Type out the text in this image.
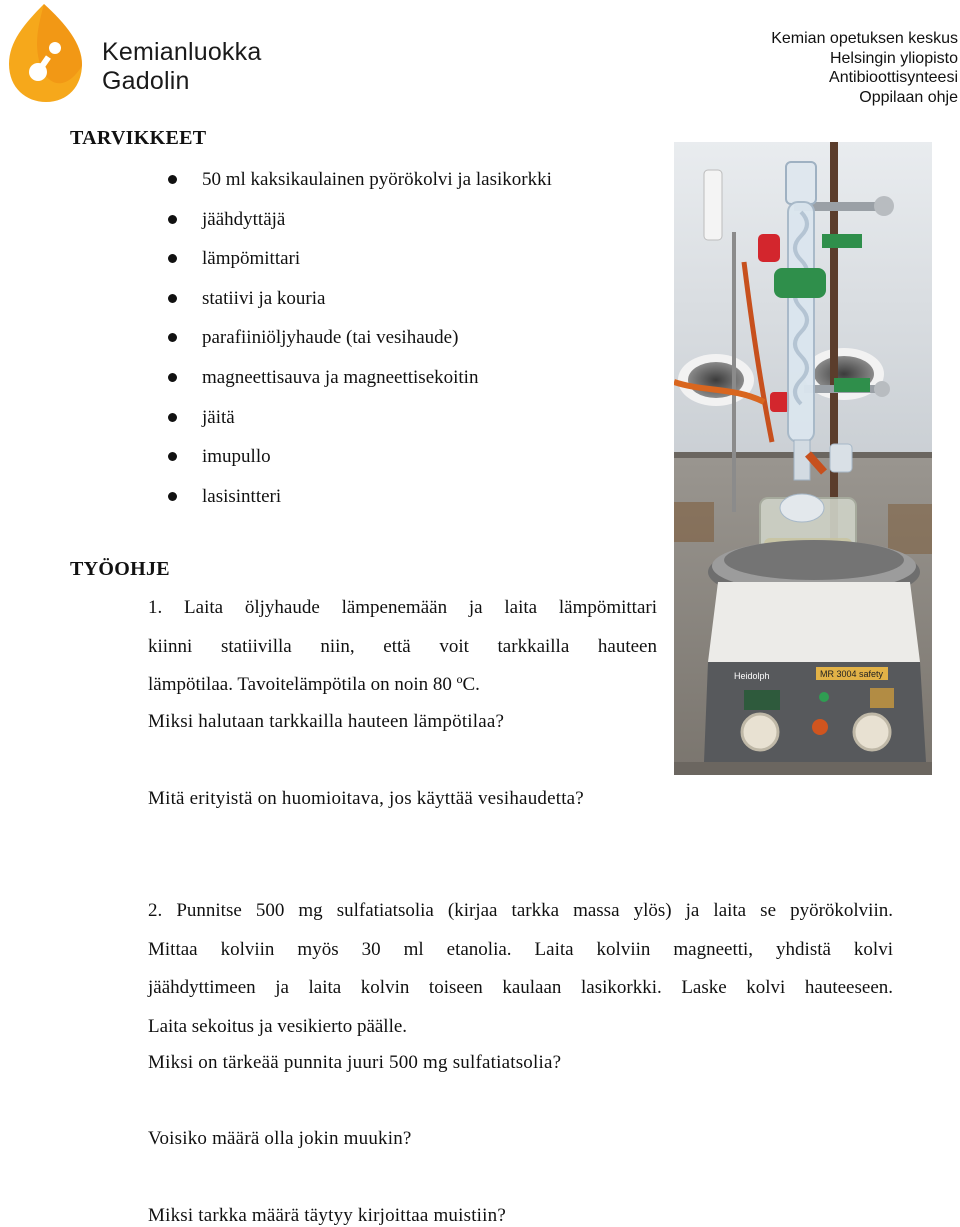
Kemianluokka
Gadolin
Kemian opetuksen keskus
Helsingin yliopisto
Antibioottisynteesi
Oppilaan ohje
TARVIKKEET
50 ml kaksikaulainen pyörökolvi ja lasikorkki
jäähdyttäjä
lämpömittari
statiivi ja kouria
parafiiniöljyhaude (tai vesihaude)
magneettisauva ja magneettisekoitin
jäitä
imupullo
lasisintteri
Heidolph	MR 3004 safety
TYÖOHJE
1. Laita öljyhaude lämpenemään ja laita lämpömittari
kiinni statiivilla niin, että voit tarkkailla hauteen
lämpötilaa. Tavoitelämpötila on noin 80 ºC.
Miksi halutaan tarkkailla hauteen lämpötilaa?
Mitä erityistä on huomioitava, jos käyttää vesihaudetta?
2. Punnitse 500 mg sulfatiatsolia (kirjaa tarkka massa ylös) ja laita se pyörökolviin.
Mittaa kolviin myös 30 ml etanolia. Laita kolviin magneetti, yhdistä kolvi
jäähdyttimeen ja laita kolvin toiseen kaulaan lasikorkki. Laske kolvi hauteeseen.
Laita sekoitus ja vesikierto päälle.
Miksi on tärkeää punnita juuri 500 mg sulfatiatsolia?
Voisiko määrä olla jokin muukin?
Miksi tarkka määrä täytyy kirjoittaa muistiin?
